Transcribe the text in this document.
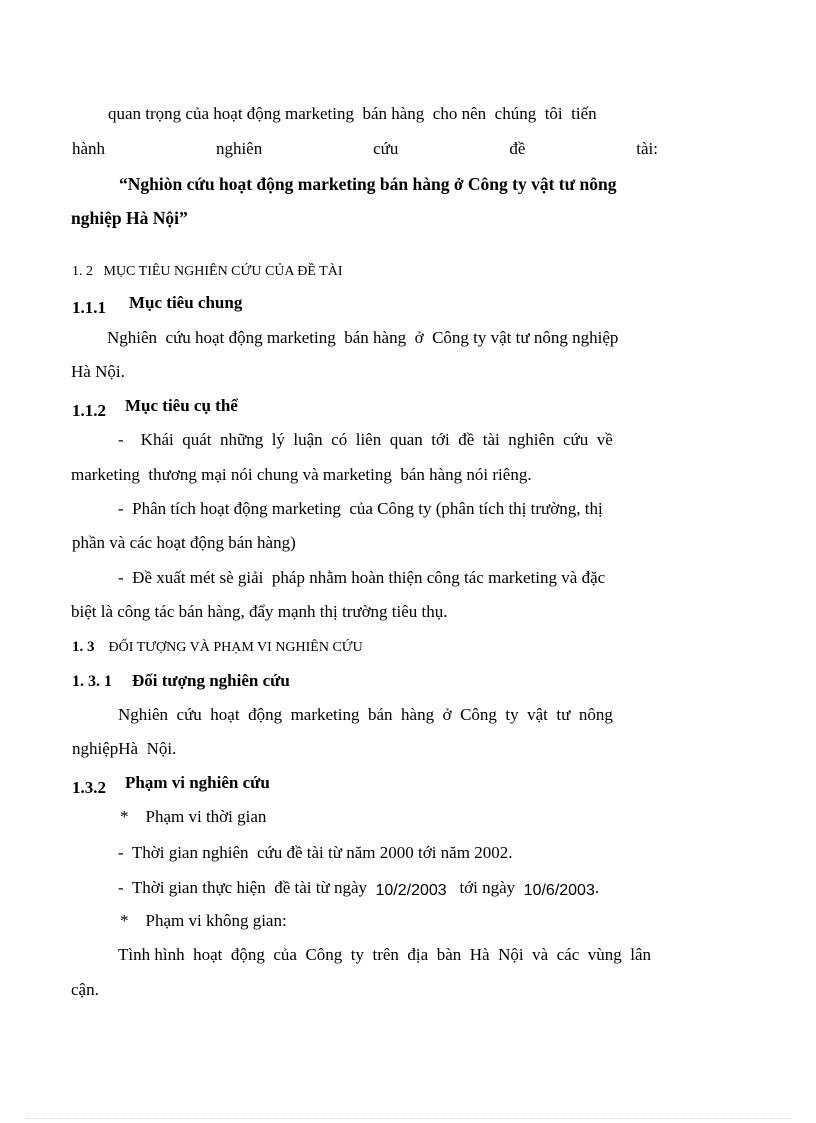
quan trọng của hoạt động marketing  bán hàng  cho nên  chúng  tôi  tiến
hành	nghiên	cứu	đề	tài:
“Nghiòn cứu hoạt động marketing bán hàng ở Công ty vật tư nông
nghiệp Hà Nội”
1. 2 MỤC TIÊU NGHIÊN CỨU CỦA ĐỀ TÀI
1.1.1 Mục tiêu chung
Nghiên  cứu hoạt động marketing  bán hàng  ở  Công ty vật tư nông nghiệp
Hà Nội.
1.1.2 Mục tiêu cụ thể
-    Khái  quát  những  lý  luận  có  liên  quan  tới  đề  tài  nghiên  cứu  về
marketing  thương mại nói chung và marketing  bán hàng nói riêng.
-  Phân tích hoạt động marketing  của Công ty (phân tích thị trường, thị
phần và các hoạt động bán hàng)
-  Đề xuất mét sè giải  pháp nhằm hoàn thiện công tác marketing và đặc
biệt là công tác bán hàng, đẩy mạnh thị trường tiêu thụ.
1. 3 ĐỐI TƯỢNG VÀ PHẠM VI NGHIÊN CỨU
1. 3. 1 Đối tượng nghiên cứu
Nghiên  cứu  hoạt  động  marketing  bán  hàng  ở  Công  ty  vật  tư  nông
nghiệpHà  Nội.
1.3.2 Phạm vi nghiên cứu
*    Phạm vi thời gian
-  Thời gian nghiên  cứu đề tài từ năm 2000 tới năm 2002.
-  Thời gian thực hiện  đề tài từ ngày 10/2/2003 tới ngày 10/6/2003.
*    Phạm vi không gian:
Tình hình  hoạt  động  của  Công  ty  trên  địa  bàn  Hà  Nội  và  các  vùng  lân
cận.
